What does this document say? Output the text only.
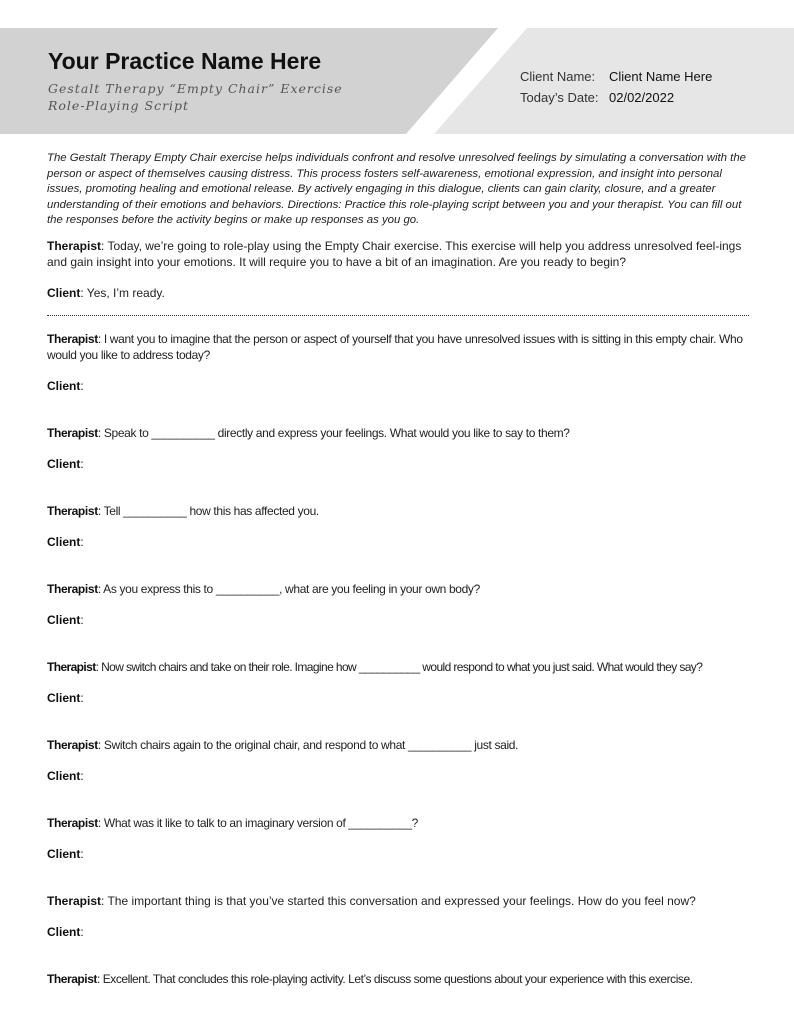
Your Practice Name Here
Gestalt Therapy “Empty Chair” Exercise
Role-Playing Script
Client Name:	Client Name Here
Today’s Date: 02/02/2022
The Gestalt Therapy Empty Chair exercise helps individuals confront and resolve unresolved feelings by simulating a conversation with the person or aspect of themselves causing distress. This process fosters self-awareness, emotional expression, and insight into personal issues, promoting healing and emotional release. By actively engaging in this dialogue, clients can gain clarity, closure, and a greater understanding of their emotions and behaviors. Directions: Practice this role-playing script between you and your therapist. You can fill out the responses before the activity begins or make up responses as you go.
Therapist: Today, we’re going to role-play using the Empty Chair exercise. This exercise will help you address unresolved feel-ings and gain insight into your emotions. It will require you to have a bit of an imagination. Are you ready to begin?
Client: Yes, I’m ready.
Therapist: I want you to imagine that the person or aspect of yourself that you have unresolved issues with is sitting in this empty chair. Who would you like to address today?
Client:
Therapist: Speak to __________ directly and express your feelings. What would you like to say to them?
Client:
Therapist: Tell __________ how this has affected you.
Client:
Therapist: As you express this to __________, what are you feeling in your own body?
Client:
Therapist: Now switch chairs and take on their role. Imagine how __________ would respond to what you just said. What would they say?
Client:
Therapist: Switch chairs again to the original chair, and respond to what __________ just said.
Client:
Therapist: What was it like to talk to an imaginary version of __________?
Client:
Therapist: The important thing is that you’ve started this conversation and expressed your feelings. How do you feel now?
Client:
Therapist: Excellent. That concludes this role-playing activity. Let’s discuss some questions about your experience with this exercise.
